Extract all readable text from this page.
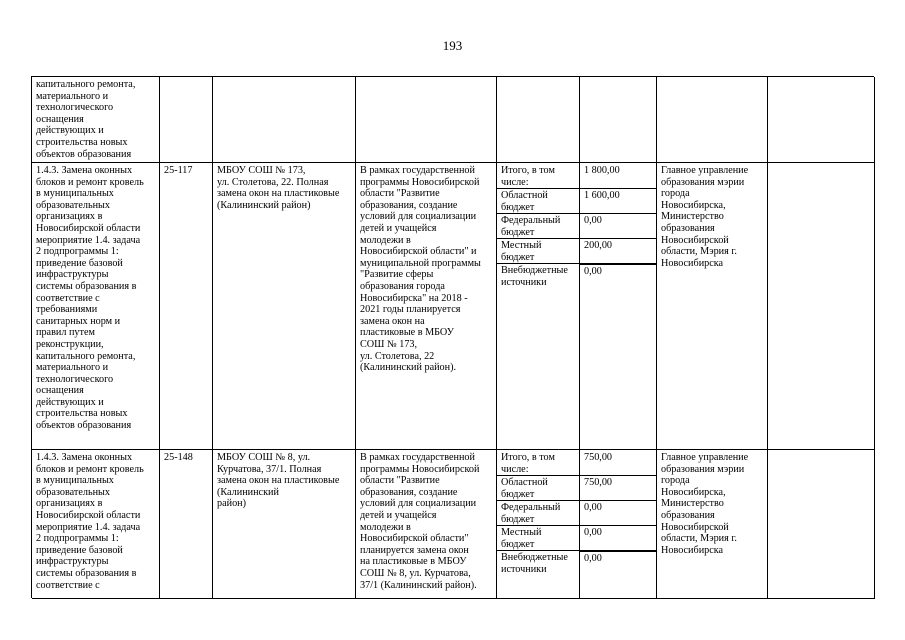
193
капитального ремонта,
материального и
технологического
оснащения
действующих и
строительства новых
объектов образования
1.4.3. Замена оконных
блоков и ремонт кровель
в муниципальных
образовательных
организациях в
Новосибирской области
мероприятие 1.4. задача
2 подпрограммы 1:
приведение базовой
инфраструктуры
системы образования в
соответствие с
требованиями
санитарных норм и
правил путем
реконструкции,
капитального ремонта,
материального и
технологического
оснащения
действующих и
строительства новых
объектов образования
25-117	МБОУ СОШ № 173,
ул. Столетова, 22. Полная
замена окон на пластиковые
(Калининский район)
В рамках государственной
программы Новосибирской
области "Развитие
образования, создание
условий для социализации
детей и учащейся
молодежи в
Новосибирской области" и
муниципальной программы
"Развитие сферы
образования города
Новосибирска" на 2018 -
2021 годы планируется
замена окон на
пластиковые в МБОУ
СОШ № 173,
ул. Столетова, 22
(Калининский район).

Итого, в том
числе:

Областной
бюджет

Федеральный
бюджет

Местный
бюджет

Внебюджетные
источники

1 800,00

1 600,00

0,00

200,00

0,00

Главное управление
образования мэрии
города
Новосибирска,
Министерство
образования
Новосибирской
области, Мэрия г.
Новосибирска
1.4.3. Замена оконных
блоков и ремонт кровель
в муниципальных
образовательных
организациях в
Новосибирской области
мероприятие 1.4. задача
2 подпрограммы 1:
приведение базовой
инфраструктуры
системы образования в
соответствие с
25-148	МБОУ СОШ № 8, ул.
Курчатова, 37/1. Полная
замена окон на пластиковые
(Калининский
район)
В рамках государственной
программы Новосибирской
области "Развитие
образования, создание
условий для социализации
детей и учащейся
молодежи в
Новосибирской области"
планируется замена окон
на пластиковые в МБОУ
СОШ № 8, ул. Курчатова,
37/1 (Калининский район).

Итого, в том
числе:

Областной
бюджет

Федеральный
бюджет

Местный
бюджет

Внебюджетные
источники

750,00

750,00

0,00

0,00

0,00

Главное управление
образования мэрии
города
Новосибирска,
Министерство
образования
Новосибирской
области, Мэрия г.
Новосибирска
